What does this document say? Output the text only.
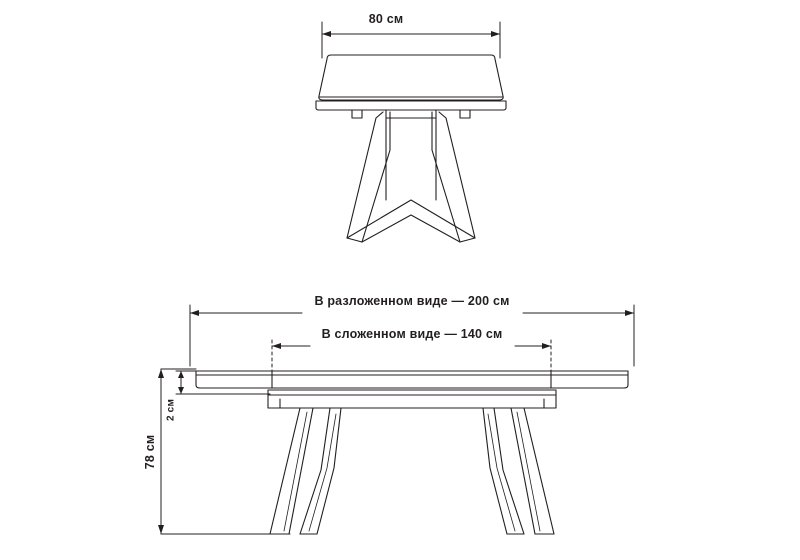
80 см
В разложенном виде — 200 см
В сложенном виде — 140 см
78 см
2 см
